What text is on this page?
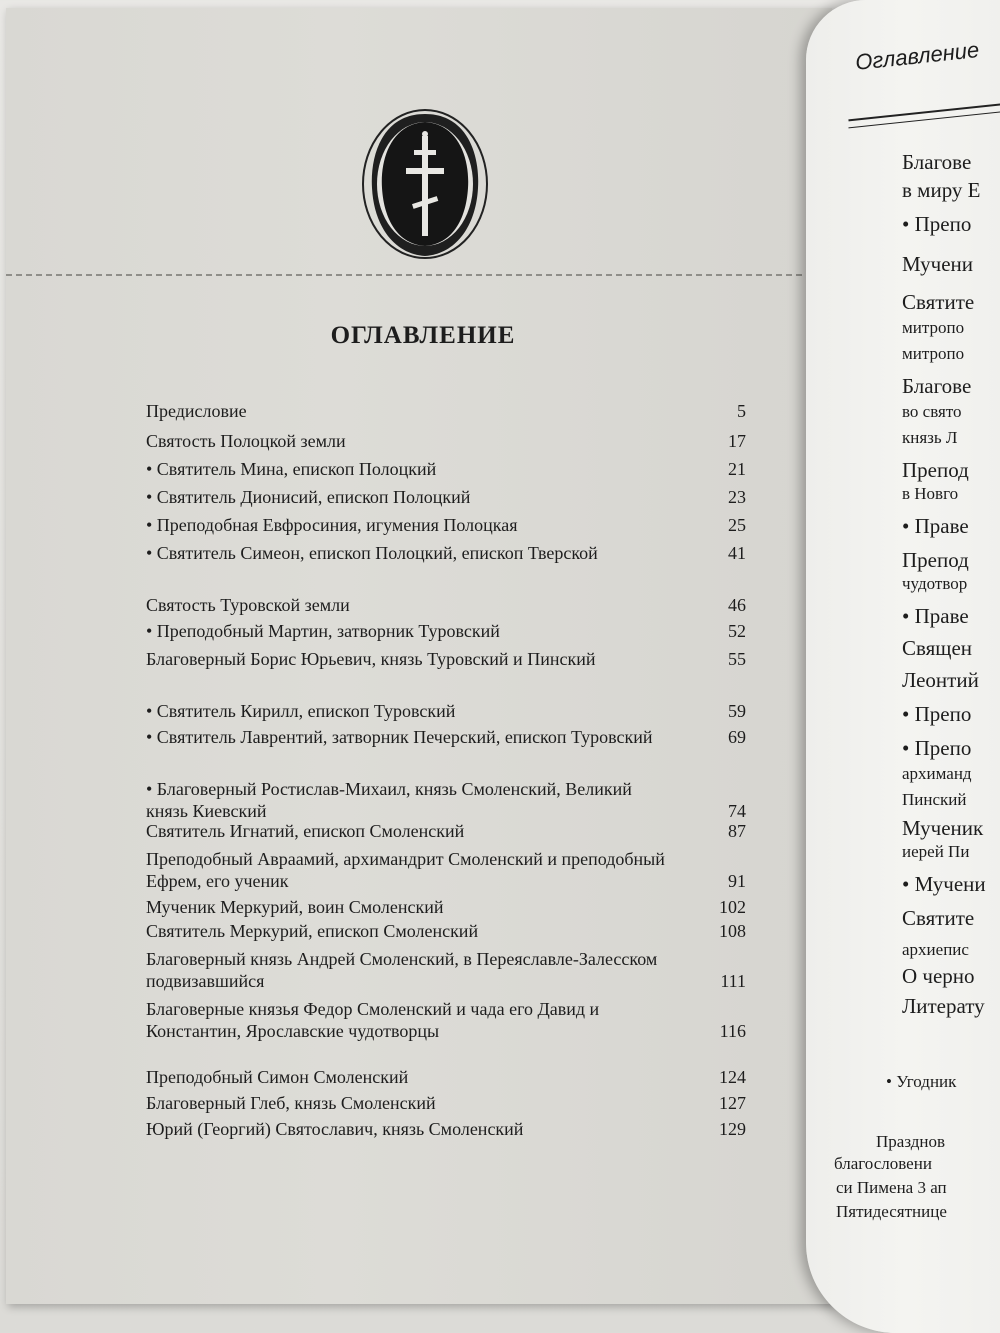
ОГЛАВЛЕНИЕ
Предисловие	5
Святость Полоцкой земли	17
• Святитель Мина, епископ Полоцкий	21
• Святитель Дионисий, епископ Полоцкий	23
• Преподобная Евфросиния, игумения Полоцкая	25
• Святитель Симеон, епископ Полоцкий, епископ Тверской	41
Святость Туровской земли	46
• Преподобный Мартин, затворник Туровский	52
Благоверный Борис Юрьевич, князь Туровский и Пинский	55
• Святитель Кирилл, епископ Туровский	59
• Святитель Лаврентий, затворник Печерский, епископ Туровский	69
• Благоверный Ростислав-Михаил, князь Смоленский, Великий князь Киевский	74
Святитель Игнатий, епископ Смоленский	87
Преподобный Авраамий, архимандрит Смоленский и преподобный Ефрем, его ученик	91
Мученик Меркурий, воин Смоленский	102
Святитель Меркурий, епископ Смоленский	108
Благоверный князь Андрей Смоленский, в Переяславле-Залесском подвизавшийся	111
Благоверные князья Федор Смоленский и чада его Давид и Константин, Ярославские чудотворцы	116
Преподобный Симон Смоленский	124
Благоверный Глеб, князь Смоленский	127
Юрий (Георгий) Святославич, князь Смоленский	129
Оглавление
Благове
в миру Е
• Препо
Мучени
Святите
митропо
митропо
Благове
во свято
князь Л
Препод
в Новго
• Праве
Препод
чудотвор
• Праве
Священ
Леонтий
• Препо
• Препо
архиманд
Пинский
Мученик
иерей Пи
• Мучени
Святите
архиепис
О черно
Литерату
• Угодник
Празднов
благословени
си Пимена 3 ап
Пятидесятнице
